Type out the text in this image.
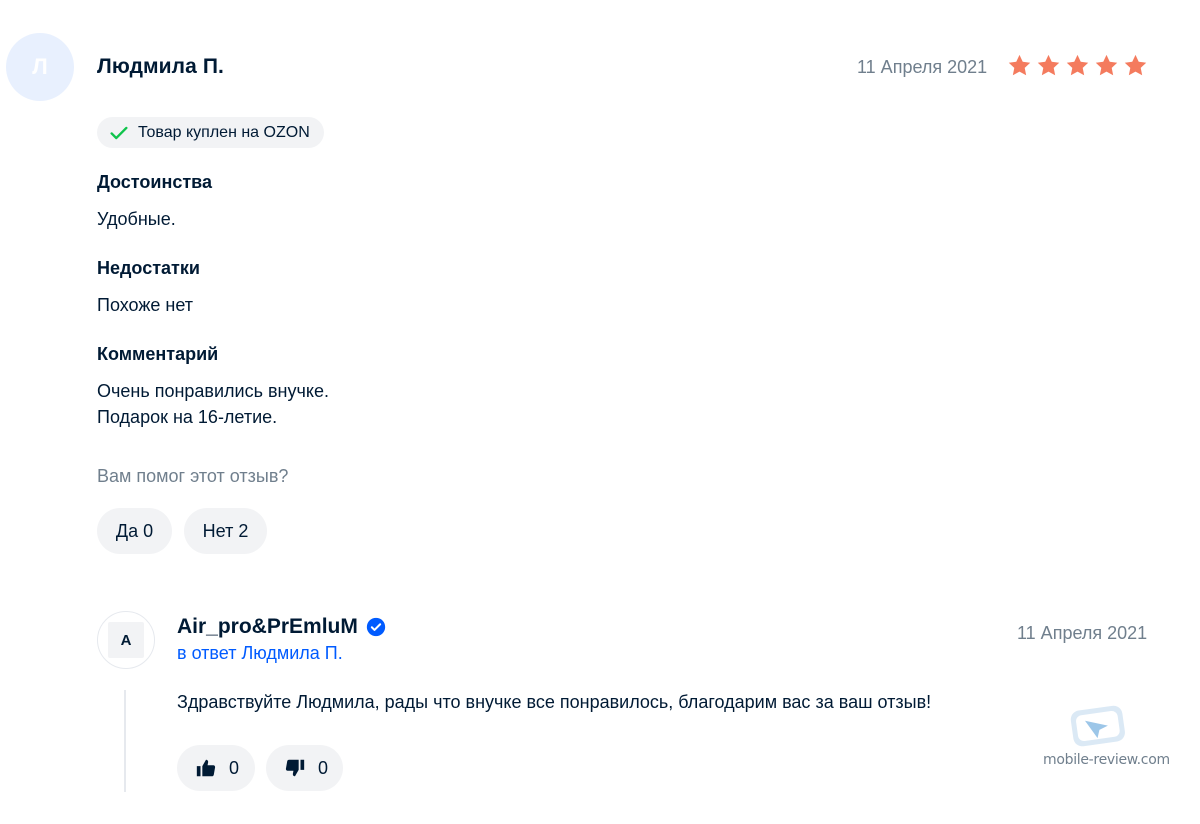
Л Людмила П.	11 Апреля 2021
Товар куплен на OZON
Достоинства
Удобные.
Недостатки
Похоже нет
Комментарий
Очень понравились внучке.
Подарок на 16-летие.
Вам помог этот отзыв?
Да 0	Нет 2
A
Air_pro&PrEmluM
в ответ Людмила П.
11 Апреля 2021
Здравствуйте Людмила, рады что внучке все понравилось, благодарим вас за ваш отзыв!
0	0	mobile-review.com
